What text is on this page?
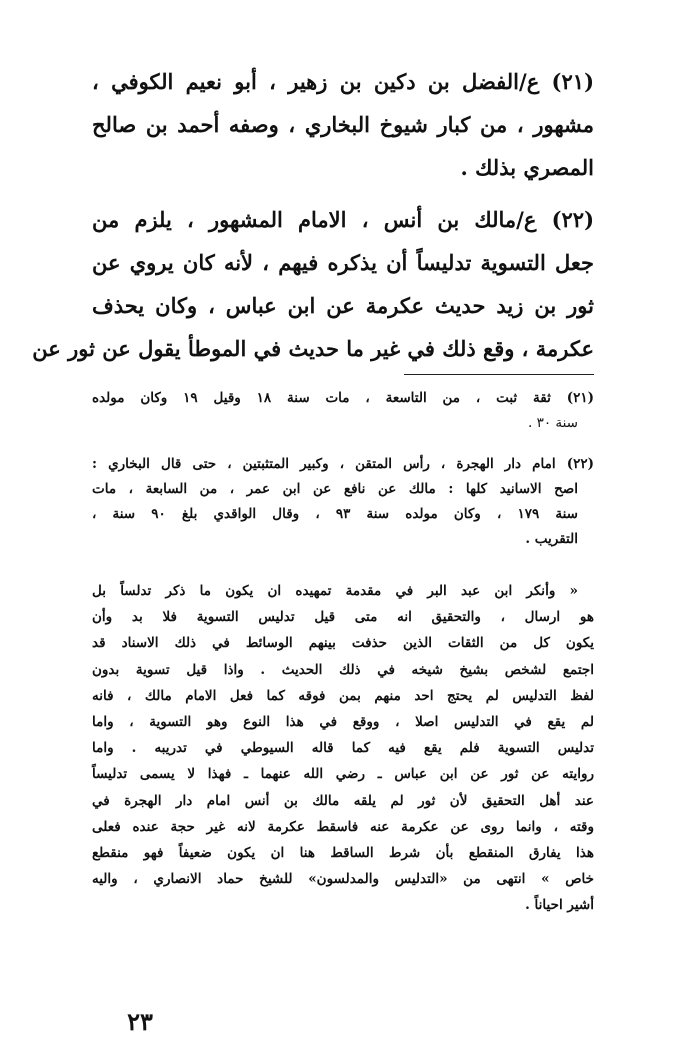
(٢١) ع/الفضل بن دكين بن زهير ، أبو نعيم الكوفي ،
مشهور ، من كبار شيوخ البخاري ، وصفه أحمد بن صالح
المصري بذلك .
(٢٢) ع/مالك بن أنس ، الامام المشهور ، يلزم من
جعل التسوية تدليساً أن يذكره فيهم ، لأنه كان يروي عن
ثور بن زيد حديث عكرمة عن ابن عباس ، وكان يحذف
عكرمة ، وقع ذلك في غير ما حديث في الموطأ يقول عن ثور عن
(٢١) ثقة ثبت ، من التاسعة ، مات سنة ١٨ وقيل ١٩ وكان مولده
سنة ٣٠ .
(٢٢) امام دار الهجرة ، رأس المتقن ، وكبير المتثبتين ، حتى قال البخاري :
اصح الاسانيد كلها : مالك عن نافع عن ابن عمر ، من السابعة ، مات
سنة ١٧٩ ، وكان مولده سنة ٩٣ ، وقال الواقدي بلغ ٩٠ سنة ،
التقريب .
« وأنكر ابن عبد البر في مقدمة تمهيده ان يكون ما ذكر تدلساً بل
هو ارسال ، والتحقيق انه متى قيل تدليس التسوية فلا بد وأن
يكون كل من الثقات الذين حذفت بينهم الوسائط في ذلك الاسناد قد
اجتمع لشخص بشيخ شيخه في ذلك الحديث . واذا قيل تسوية بدون
لفظ التدليس لم يحتج احد منهم بمن فوقه كما فعل الامام مالك ، فانه
لم يقع في التدليس اصلا ، ووقع في هذا النوع وهو التسوية ، واما
تدليس التسوية فلم يقع فيه كما قاله السيوطي في تدريبه . واما
روايته عن ثور عن ابن عباس ـ رضي الله عنهما ـ فهذا لا يسمى تدليساً
عند أهل التحقيق لأن ثور لم يلقه مالك بن أنس امام دار الهجرة في
وقته ، وانما روى عن عكرمة عنه فاسقط عكرمة لانه غير حجة عنده فعلى
هذا يفارق المنقطع بأن شرط الساقط هنا ان يكون ضعيفاً فهو منقطع
خاص » انتهى من «التدليس والمدلسون» للشيخ حماد الانصاري ، واليه
أشير احياناً .
٢٣
